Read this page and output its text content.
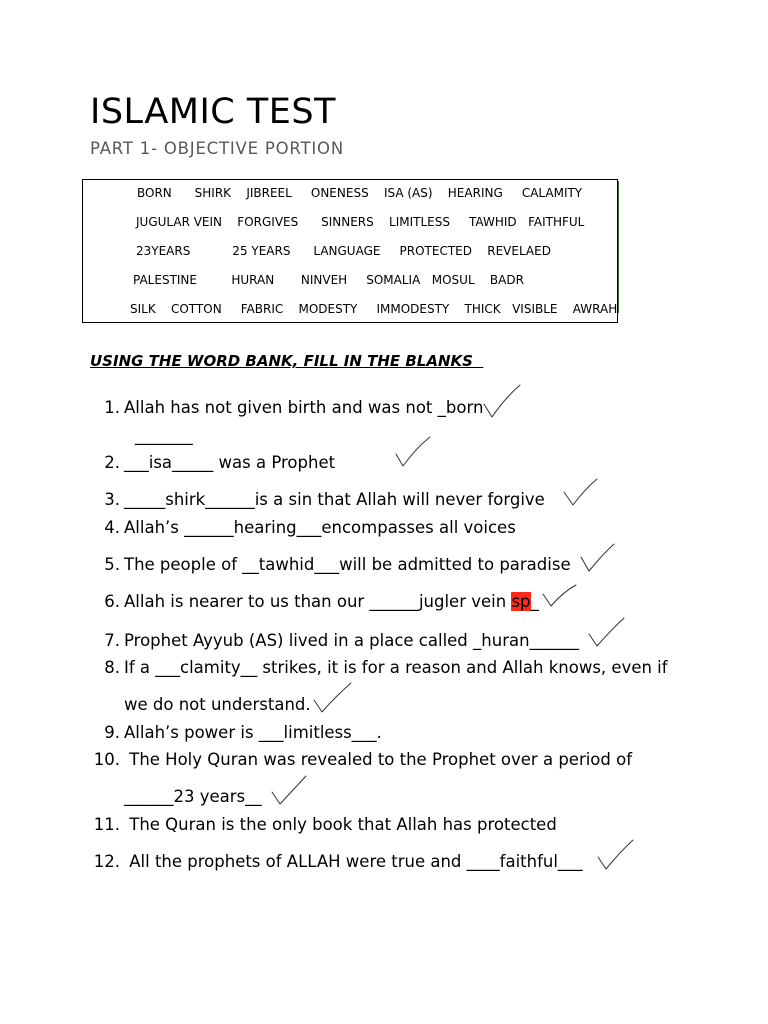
ISLAMIC TEST
PART 1- OBJECTIVE PORTION
BORN      SHIRK    JIBREEL     ONENESS    ISA (AS)    HEARING     CALAMITY
JUGULAR VEIN    FORGIVES      SINNERS    LIMITLESS     TAWHID   FAITHFUL
23YEARS           25 YEARS      LANGUAGE     PROTECTED    REVELAED
PALESTINE         HURAN       NINVEH     SOMALIA   MOSUL    BADR
SILK    COTTON     FABRIC    MODESTY     IMMODESTY    THICK   VISIBLE    AWRAH

USING THE WORD BANK, FILL IN THE BLANKS

1. Allah has not given birth and was not _born
_______
2. ___isa_____ was a Prophet
3. _____shirk______is a sin that Allah will never forgive
4. Allah’s ______hearing___encompasses all voices
5. The people of __tawhid___will be admitted to paradise
6. Allah is nearer to us than our ______jugler vein sp_
7. Prophet Ayyub (AS) lived in a place called _huran______
8. If a ___clamity__ strikes, it is for a reason and Allah knows, even if
we do not understand.
9. Allah’s power is ___limitless___.
10. The Holy Quran was revealed to the Prophet over a period of
______23 years__
11. The Quran is the only book that Allah has protected
12. All the prophets of ALLAH were true and ____faithful___
